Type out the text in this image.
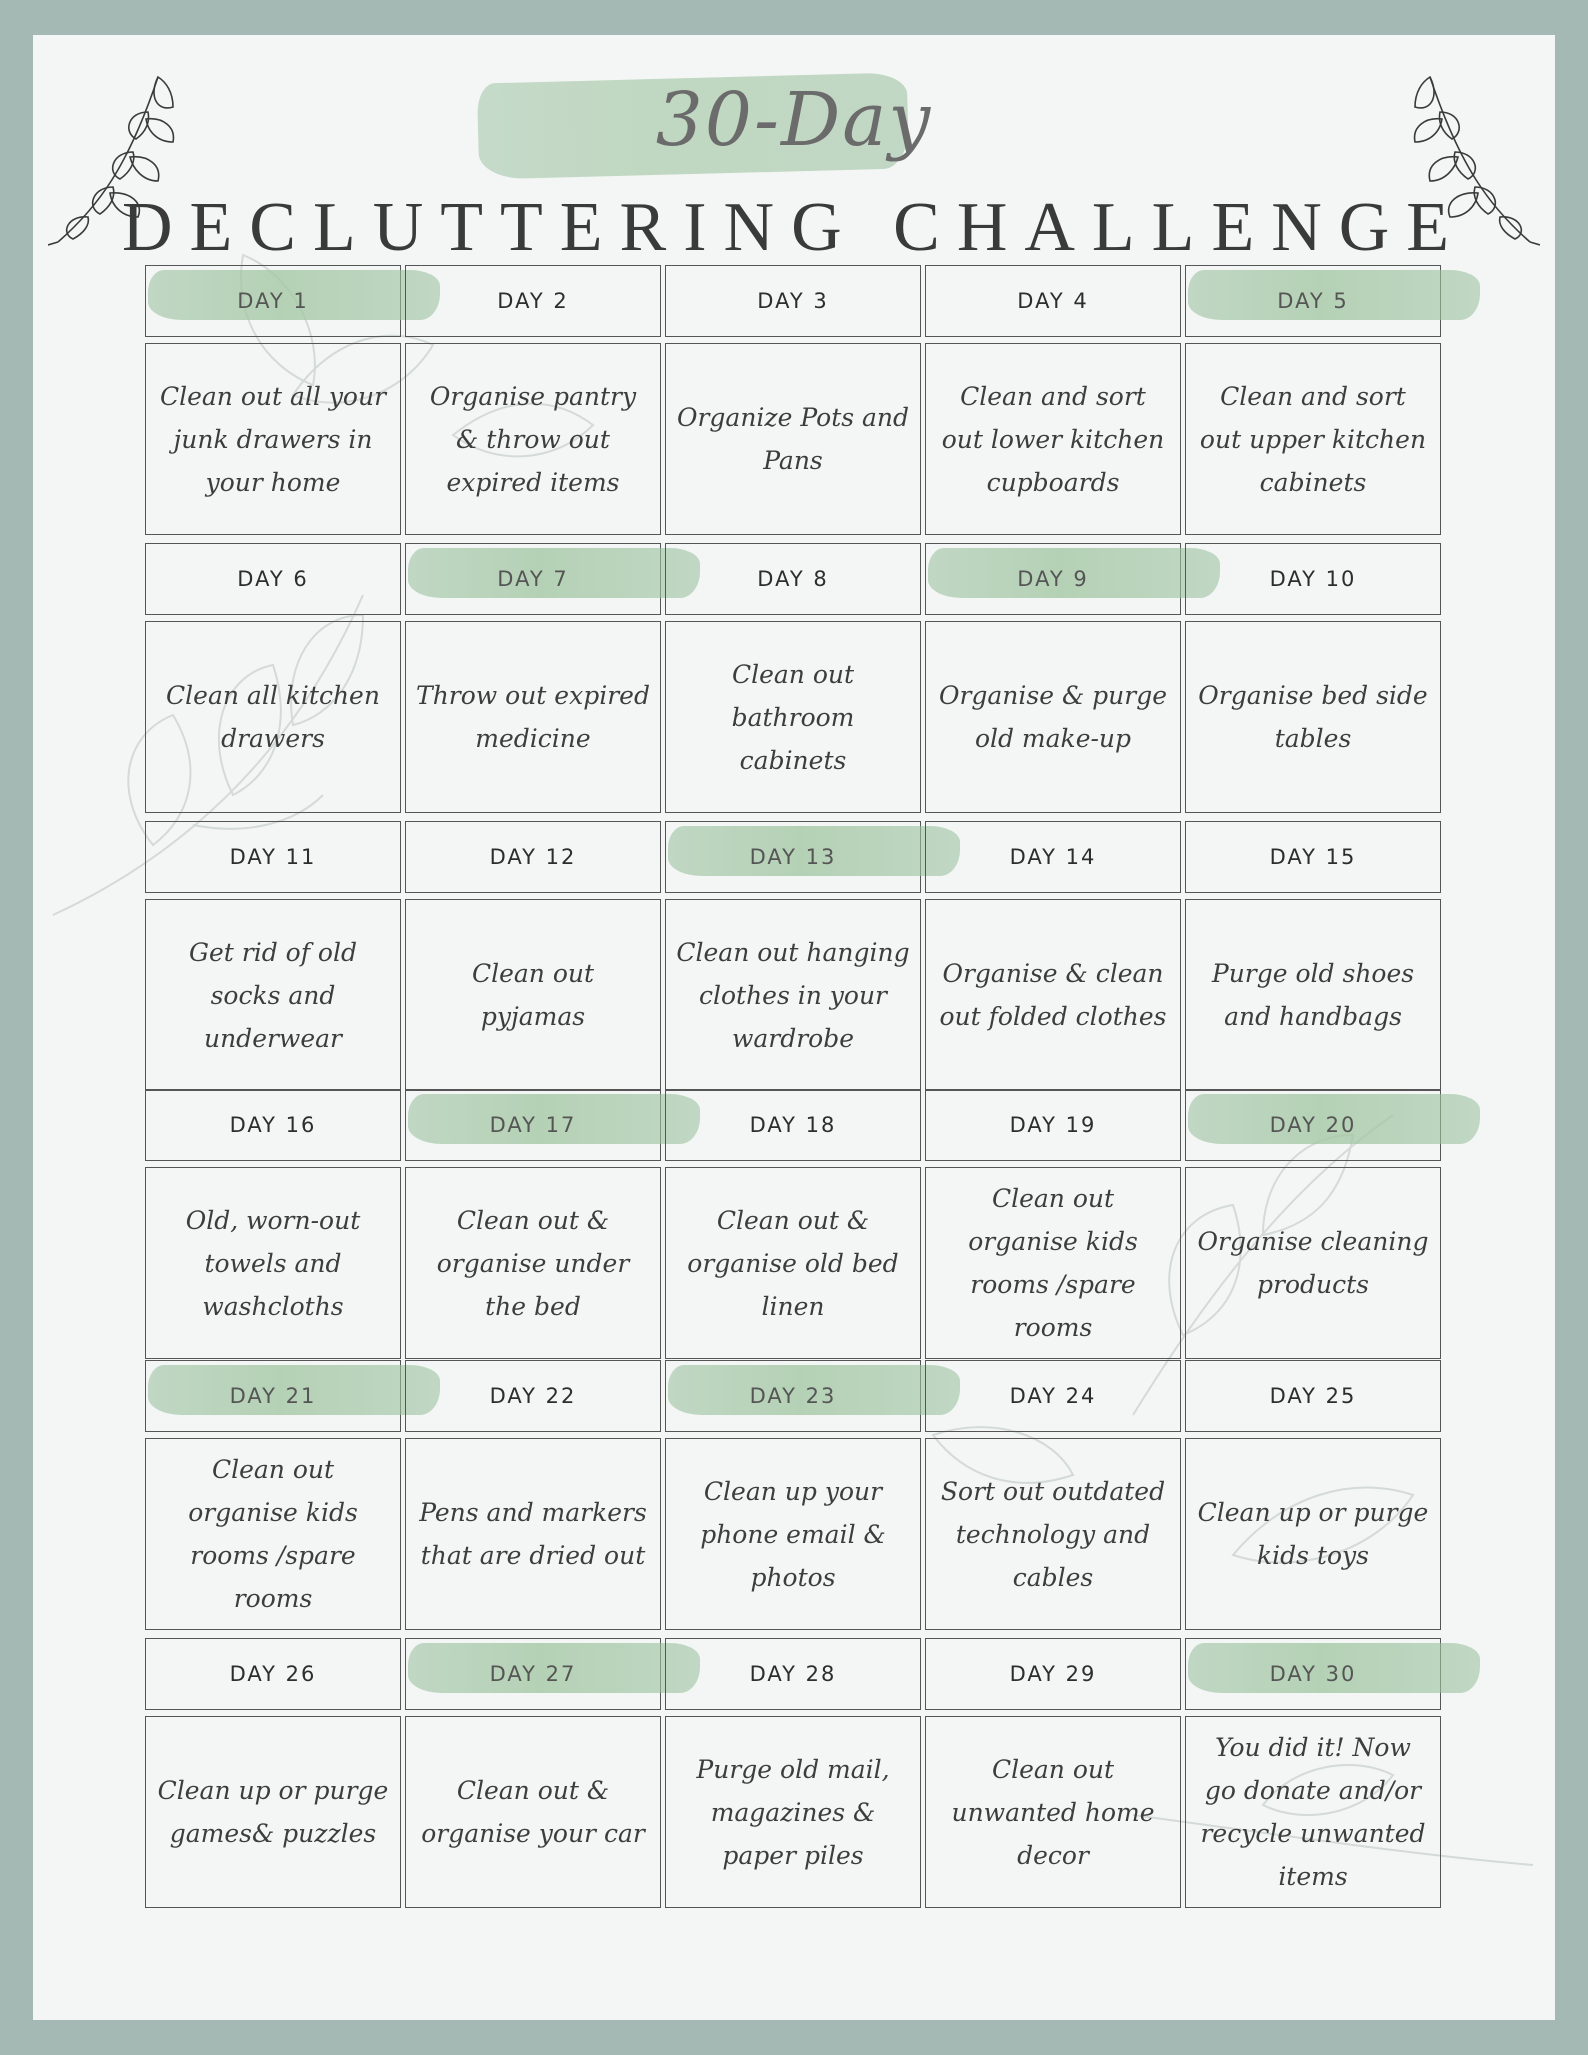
30-Day
DECLUTTERING CHALLENGE
DAY 1
Clean out all your junk drawers in your home
DAY 2
Organise pantry & throw out expired items
DAY 3
Organize Pots and Pans
DAY 4
Clean and sort out lower kitchen cupboards
DAY 5
Clean and sort out upper kitchen cabinets
DAY 6
Clean all kitchen drawers
DAY 7
Throw out expired medicine
DAY 8
Clean out bathroom cabinets
DAY 9
Organise & purge old make-up
DAY 10
Organise bed side tables
DAY 11
Get rid of old socks and underwear
DAY 12
Clean out pyjamas
DAY 13
Clean out hanging clothes in your wardrobe
DAY 14
Organise & clean out folded clothes
DAY 15
Purge old shoes and handbags
DAY 16
Old, worn-out towels and washcloths
DAY 17
Clean out & organise under the bed
DAY 18
Clean out & organise old bed linen
DAY 19
Clean out organise kids rooms /spare rooms
DAY 20
Organise cleaning products
DAY 21
Clean out organise kids rooms /spare rooms
DAY 22
Pens and markers that are dried out
DAY 23
Clean up your phone email & photos
DAY 24
Sort out outdated technology and cables
DAY 25
Clean up or purge kids toys
DAY 26
Clean up or purge games& puzzles
DAY 27
Clean out & organise your car
DAY 28
Purge old mail, magazines & paper piles
DAY 29
Clean out unwanted home decor
DAY 30
You did it! Now go donate and/or recycle unwanted items
